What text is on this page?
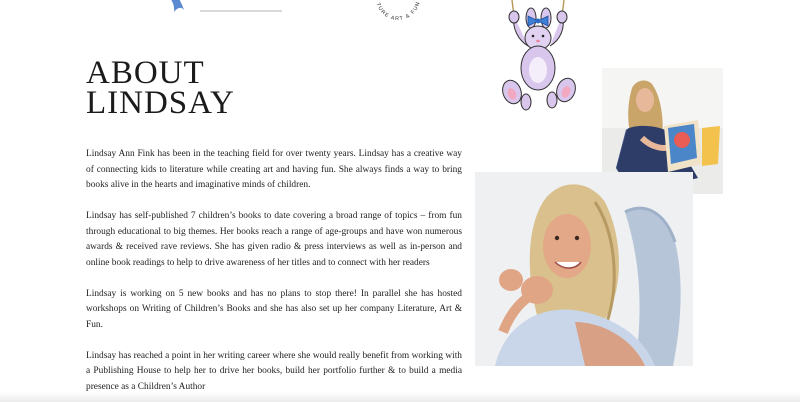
TURE ART & FUN
ABOUT
LINDSAY

Lindsay Ann Fink has been in the teaching field for over twenty years. Lindsay has a creative way of connecting kids to literature while creating art and having fun. She always finds a way to bring books alive in the hearts and imaginative minds of children.

Lindsay has self-published 7 children’s books to date covering a broad range of topics – from fun through educational to big themes. Her books reach a range of age-groups and have won numerous awards & received rave reviews. She has given radio & press interviews as well as in-person and online book readings to help to drive awareness of her titles and to connect with her readers

Lindsay is working on 5 new books and has no plans to stop there! In parallel she has hosted workshops on Writing of Children’s Books and she has also set up her company Literature, Art & Fun.

Lindsay has reached a point in her writing career where she would really benefit from working with a Publishing House to help her to drive her books, build her portfolio further & to build a media presence as a Children’s Author
